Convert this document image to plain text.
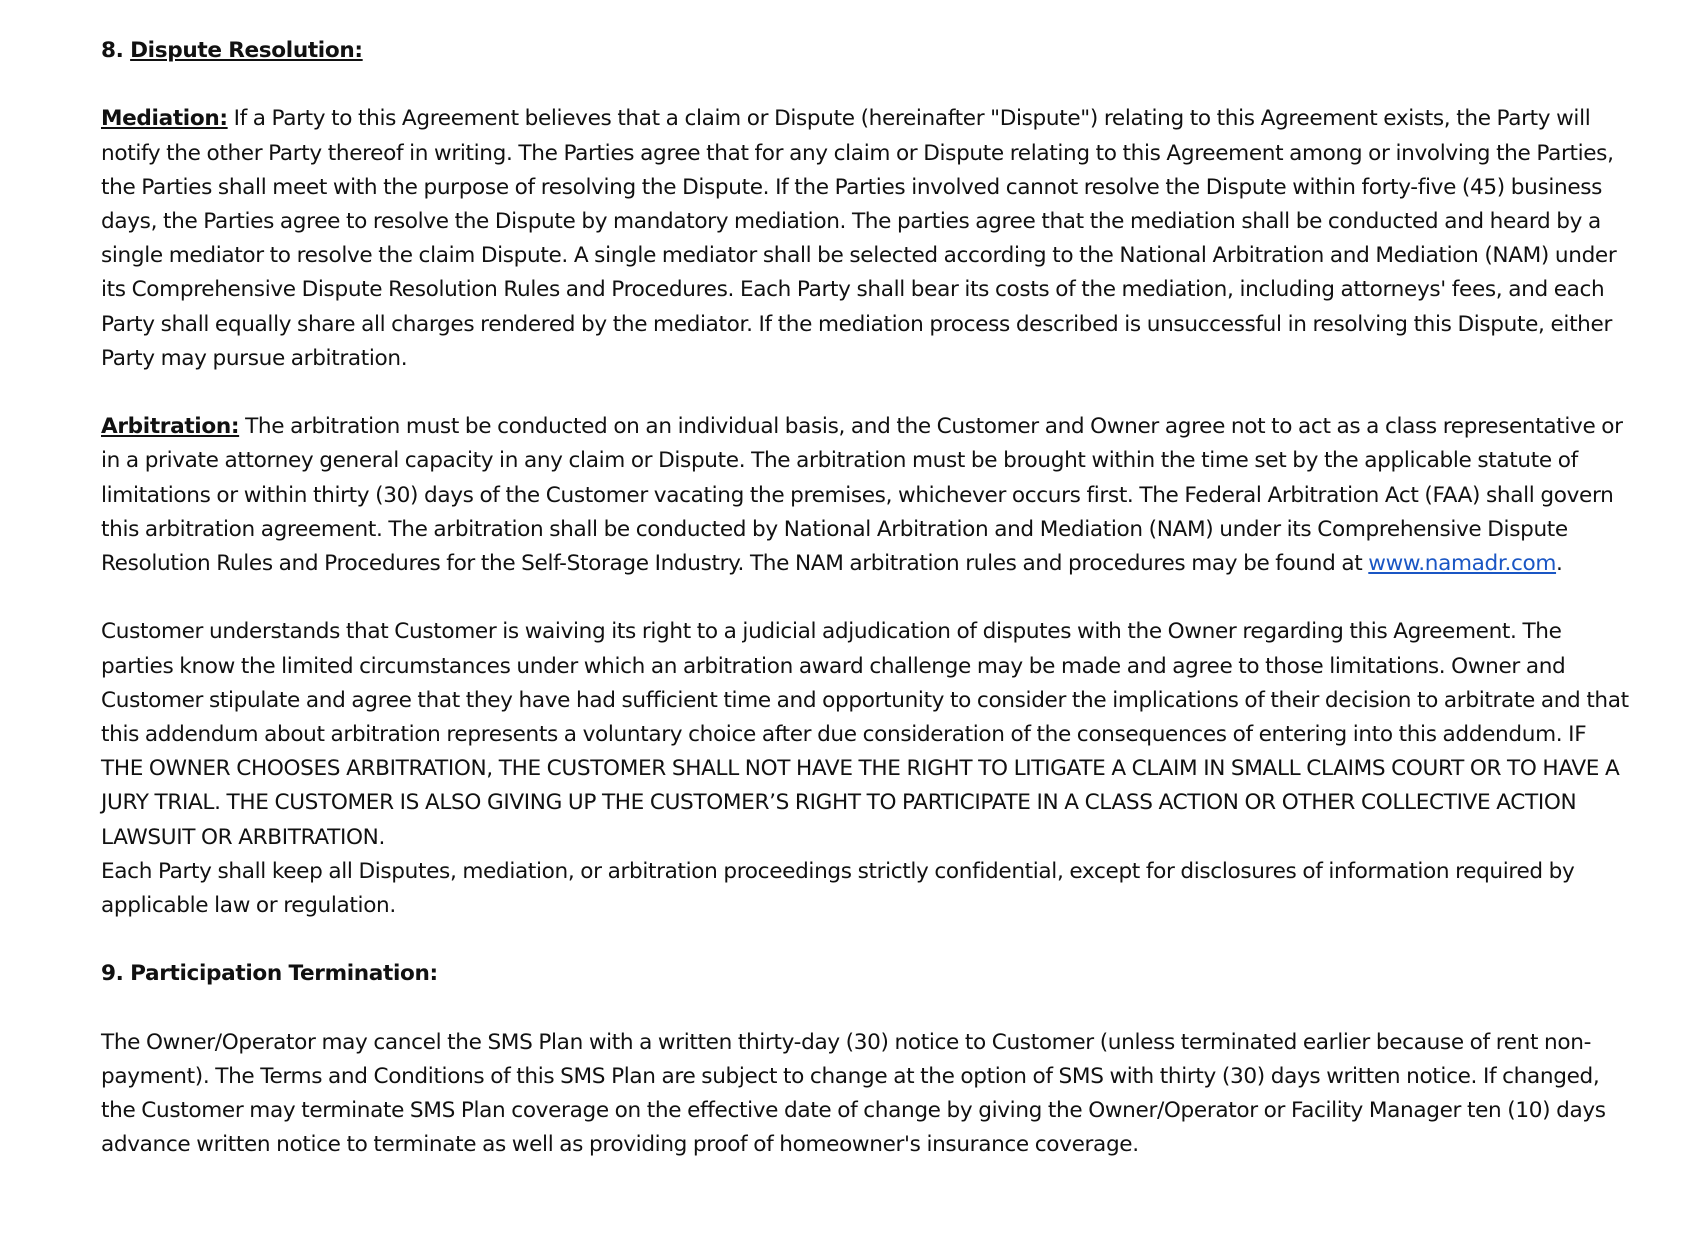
8. Dispute Resolution:

Mediation: If a Party to this Agreement believes that a claim or Dispute (hereinafter "Dispute") relating to this Agreement exists, the Party will notify the other Party thereof in writing. The Parties agree that for any claim or Dispute relating to this Agreement among or involving the Parties, the Parties shall meet with the purpose of resolving the Dispute. If the Parties involved cannot resolve the Dispute within forty-five (45) business days, the Parties agree to resolve the Dispute by mandatory mediation. The parties agree that the mediation shall be conducted and heard by a single mediator to resolve the claim Dispute. A single mediator shall be selected according to the National Arbitration and Mediation (NAM) under its Comprehensive Dispute Resolution Rules and Procedures. Each Party shall bear its costs of the mediation, including attorneys' fees, and each Party shall equally share all charges rendered by the mediator. If the mediation process described is unsuccessful in resolving this Dispute, either Party may pursue arbitration.

Arbitration: The arbitration must be conducted on an individual basis, and the Customer and Owner agree not to act as a class representative or in a private attorney general capacity in any claim or Dispute. The arbitration must be brought within the time set by the applicable statute of limitations or within thirty (30) days of the Customer vacating the premises, whichever occurs first. The Federal Arbitration Act (FAA) shall govern this arbitration agreement. The arbitration shall be conducted by National Arbitration and Mediation (NAM) under its Comprehensive Dispute Resolution Rules and Procedures for the Self-Storage Industry. The NAM arbitration rules and procedures may be found at www.namadr.com.

Customer understands that Customer is waiving its right to a judicial adjudication of disputes with the Owner regarding this Agreement. The parties know the limited circumstances under which an arbitration award challenge may be made and agree to those limitations. Owner and Customer stipulate and agree that they have had sufficient time and opportunity to consider the implications of their decision to arbitrate and that this addendum about arbitration represents a voluntary choice after due consideration of the consequences of entering into this addendum. IF THE OWNER CHOOSES ARBITRATION, THE CUSTOMER SHALL NOT HAVE THE RIGHT TO LITIGATE A CLAIM IN SMALL CLAIMS COURT OR TO HAVE A JURY TRIAL. THE CUSTOMER IS ALSO GIVING UP THE CUSTOMER’S RIGHT TO PARTICIPATE IN A CLASS ACTION OR OTHER COLLECTIVE ACTION LAWSUIT OR ARBITRATION.

Each Party shall keep all Disputes, mediation, or arbitration proceedings strictly confidential, except for disclosures of information required by applicable law or regulation.

9. Participation Termination:

The Owner/Operator may cancel the SMS Plan with a written thirty-day (30) notice to Customer (unless terminated earlier because of rent non-payment). The Terms and Conditions of this SMS Plan are subject to change at the option of SMS with thirty (30) days written notice. If changed, the Customer may terminate SMS Plan coverage on the effective date of change by giving the Owner/Operator or Facility Manager ten (10) days advance written notice to terminate as well as providing proof of homeowner's insurance coverage.
